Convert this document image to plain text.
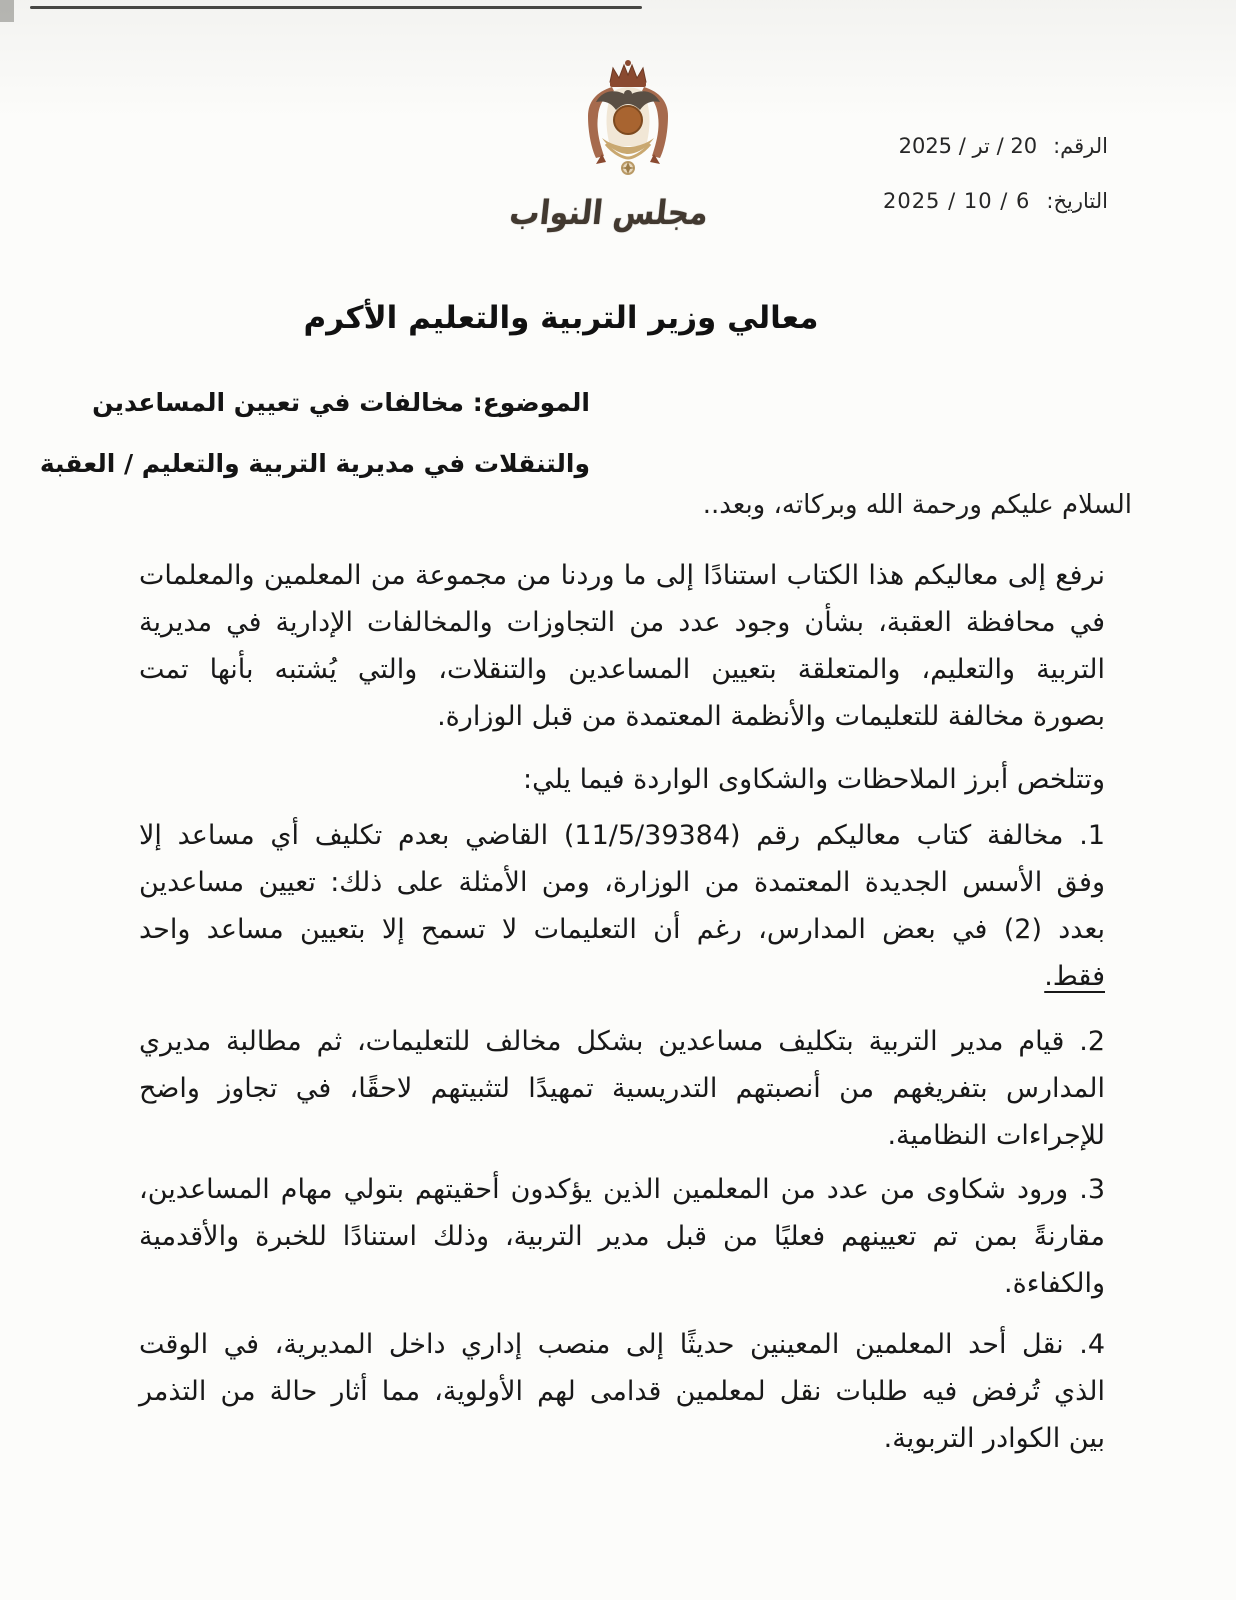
مجلس النواب
الرقم:
20 / تر / 2025
التاريخ:
6 / 10 / 2025
معالي وزير التربية والتعليم الأكرم
الموضوع: مخالفات في تعيين المساعدين
والتنقلات في مديرية التربية والتعليم / العقبة
السلام عليكم ورحمة الله وبركاته، وبعد..
نرفع إلى معاليكم هذا الكتاب استنادًا إلى ما وردنا من مجموعة من المعلمين والمعلمات
في محافظة العقبة، بشأن وجود عدد من التجاوزات والمخالفات الإدارية في مديرية
التربية والتعليم، والمتعلقة بتعيين المساعدين والتنقلات، والتي يُشتبه بأنها تمت
بصورة مخالفة للتعليمات والأنظمة المعتمدة من قبل الوزارة.
وتتلخص أبرز الملاحظات والشكاوى الواردة فيما يلي:
1. مخالفة كتاب معاليكم رقم (11/5/39384) القاضي بعدم تكليف أي مساعد إلا
وفق الأسس الجديدة المعتمدة من الوزارة، ومن الأمثلة على ذلك: تعيين مساعدين
بعدد (2) في بعض المدارس، رغم أن التعليمات لا تسمح إلا بتعيين مساعد واحد
فقط.
2. قيام مدير التربية بتكليف مساعدين بشكل مخالف للتعليمات، ثم مطالبة مديري
المدارس بتفريغهم من أنصبتهم التدريسية تمهيدًا لتثبيتهم لاحقًا، في تجاوز واضح
للإجراءات النظامية.
3. ورود شكاوى من عدد من المعلمين الذين يؤكدون أحقيتهم بتولي مهام المساعدين،
مقارنةً بمن تم تعيينهم فعليًا من قبل مدير التربية، وذلك استنادًا للخبرة والأقدمية
والكفاءة.
4. نقل أحد المعلمين المعينين حديثًا إلى منصب إداري داخل المديرية، في الوقت
الذي تُرفض فيه طلبات نقل لمعلمين قدامى لهم الأولوية، مما أثار حالة من التذمر
بين الكوادر التربوية.
